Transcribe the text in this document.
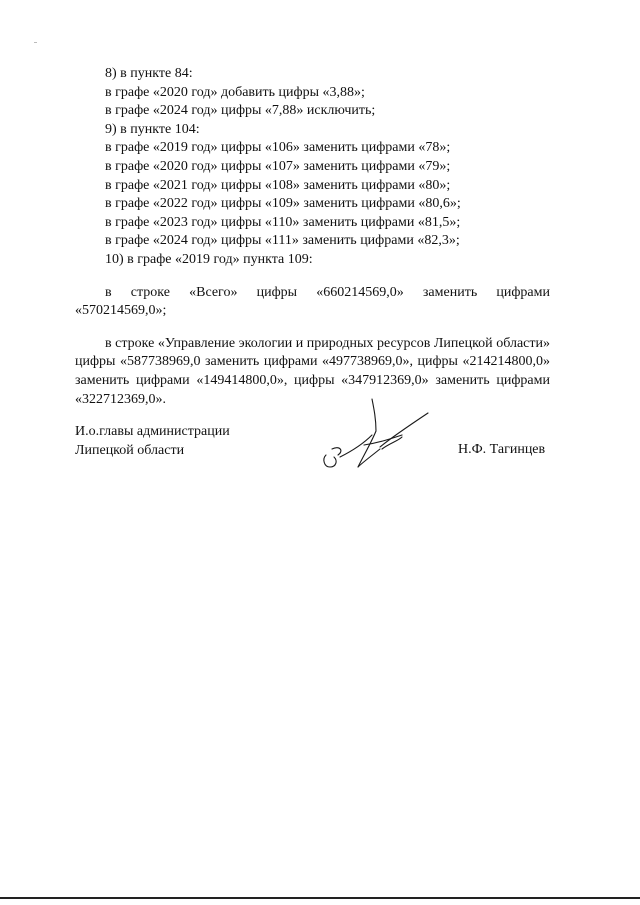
8) в пункте 84:

в графе «2020 год» добавить цифры «3,88»;

в графе «2024 год» цифры «7,88» исключить;

9) в пункте 104:

в графе «2019 год» цифры «106» заменить цифрами «78»;

в графе «2020 год» цифры «107» заменить цифрами «79»;

в графе «2021 год» цифры «108» заменить цифрами «80»;

в графе «2022 год» цифры «109» заменить цифрами «80,6»;

в графе «2023 год» цифры «110» заменить цифрами «81,5»;

в графе «2024 год» цифры «111» заменить цифрами «82,3»;

10) в графе «2019 год» пункта 109:

в строке «Всего» цифры «660214569,0» заменить цифрами «570214569,0»;

в строке «Управление экологии и природных ресурсов Липецкой области» цифры «587738969,0 заменить цифрами «497738969,0», цифры «214214800,0» заменить цифрами «149414800,0», цифры «347912369,0» заменить цифрами «322712369,0».

И.о.главы администрации
Липецкой области	Н.Ф. Тагинцев
